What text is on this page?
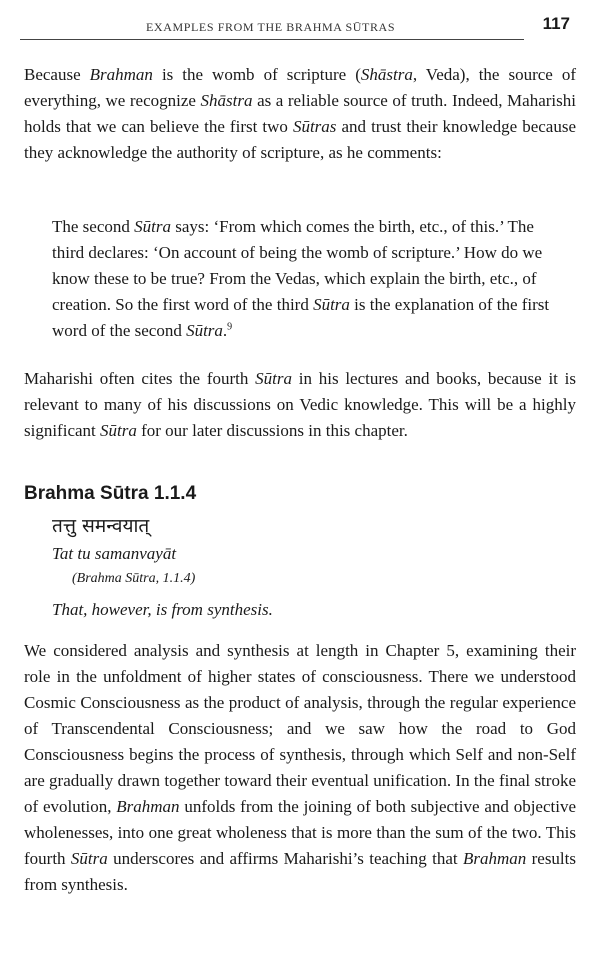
EXAMPLES FROM THE BRAHMA SŪTRAS	117

Because Brahman is the womb of scripture (Shāstra, Veda), the source of everything, we recognize Shāstra as a reliable source of truth. Indeed, Maharishi holds that we can believe the first two Sūtras and trust their knowledge because they acknowledge the authority of scripture, as he comments:

The second Sūtra says: ‘From which comes the birth, etc., of this.’ The third declares: ‘On account of being the womb of scripture.’ How do we know these to be true? From the Vedas, which explain the birth, etc., of creation. So the first word of the third Sūtra is the explanation of the first word of the second Sūtra.$^9$

Maharishi often cites the fourth Sūtra in his lectures and books, because it is relevant to many of his discussions on Vedic knowledge. This will be a highly significant Sūtra for our later discussions in this chapter.

Brahma Sūtra 1.1.4
तत्तु समन्वयात्
Tat tu samanvayāt
(Brahma Sūtra, 1.1.4)
That, however, is from synthesis.

We considered analysis and synthesis at length in Chapter 5, examining their role in the unfoldment of higher states of consciousness. There we understood Cosmic Consciousness as the product of analysis, through the regular experience of Transcendental Consciousness; and we saw how the road to God Consciousness begins the process of synthesis, through which Self and non-Self are gradually drawn together toward their eventual unification. In the final stroke of evolution, Brahman unfolds from the joining of both subjective and objective wholenesses, into one great wholeness that is more than the sum of the two. This fourth Sūtra underscores and affirms Maharishi’s teaching that Brahman results from synthesis.
